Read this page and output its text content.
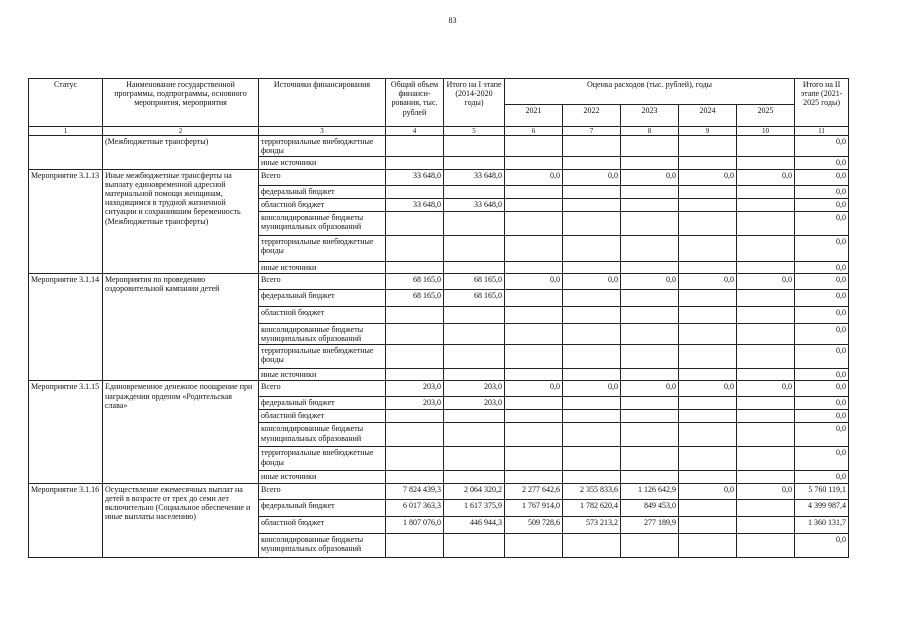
83
Статус	Наименование государственной программы, подпрограммы, основного мероприятия, мероприятия	Источники финансирования	Общий объем финанси-рования, тыс. рублей	Итого на I этапе (2014-2020 годы)	Оценка расходов (тыс. рублей), годы					Итого на II этапе (2021-2025 годы)
					2021	2022	2023	2024	2025	
1	2	3	4	5	6	7	8	9	10	11
	(Межбюджетные трансферты)	территориальные внебюджетные фонды								0,0
		иные источники								0,0
Мероприятие 3.1.13	Иные межбюджетные трансферты на выплату единовременной адресной материальной помощи женщинам, находящимся в трудной жизненной ситуации и сохранившим беременность (Межбюджетные трансферты)	Всего	33 648,0	33 648,0	0,0	0,0	0,0	0,0	0,0	0,0
		федеральный бюджет								0,0
		областной бюджет	33 648,0	33 648,0						0,0
		консолидированные бюджеты муниципальных образований								0,0
		территориальные внебюджетные фонды								0,0
		иные источники								0,0
Мероприятие 3.1.14	Мероприятия по проведению оздоровительной кампании детей	Всего	68 165,0	68 165,0	0,0	0,0	0,0	0,0	0,0	0,0
		федеральный бюджет	68 165,0	68 165,0						0,0
		областной бюджет								0,0
		консолидированные бюджеты муниципальных образований								0,0
		территориальные внебюджетные фонды								0,0
		иные источники								0,0
Мероприятие 3.1.15	Единовременное денежное поощрение при награждении орденом «Родительская слава»	Всего	203,0	203,0	0,0	0,0	0,0	0,0	0,0	0,0
		федеральный бюджет	203,0	203,0						0,0
		областной бюджет								0,0
		консолидированные бюджеты муниципальных образований								0,0
		территориальные внебюджетные фонды								0,0
		иные источники								0,0
Мероприятие 3.1.16	Осуществление ежемесячных выплат на детей в возрасте от трех до семи лет включительно (Социальное обеспечение и иные выплаты населению)	Всего	7 824 439,3	2 064 320,2	2 277 642,6	2 355 833,6	1 126 642,9	0,0	0,0	5 760 119,1
		федеральный бюджет	6 017 363,3	1 617 375,9	1 767 914,0	1 782 620,4	849 453,0			4 399 987,4
		областной бюджет	1 807 076,0	446 944,3	509 728,6	573 213,2	277 189,9			1 360 131,7
		консолидированные бюджеты муниципальных образований								0,0
